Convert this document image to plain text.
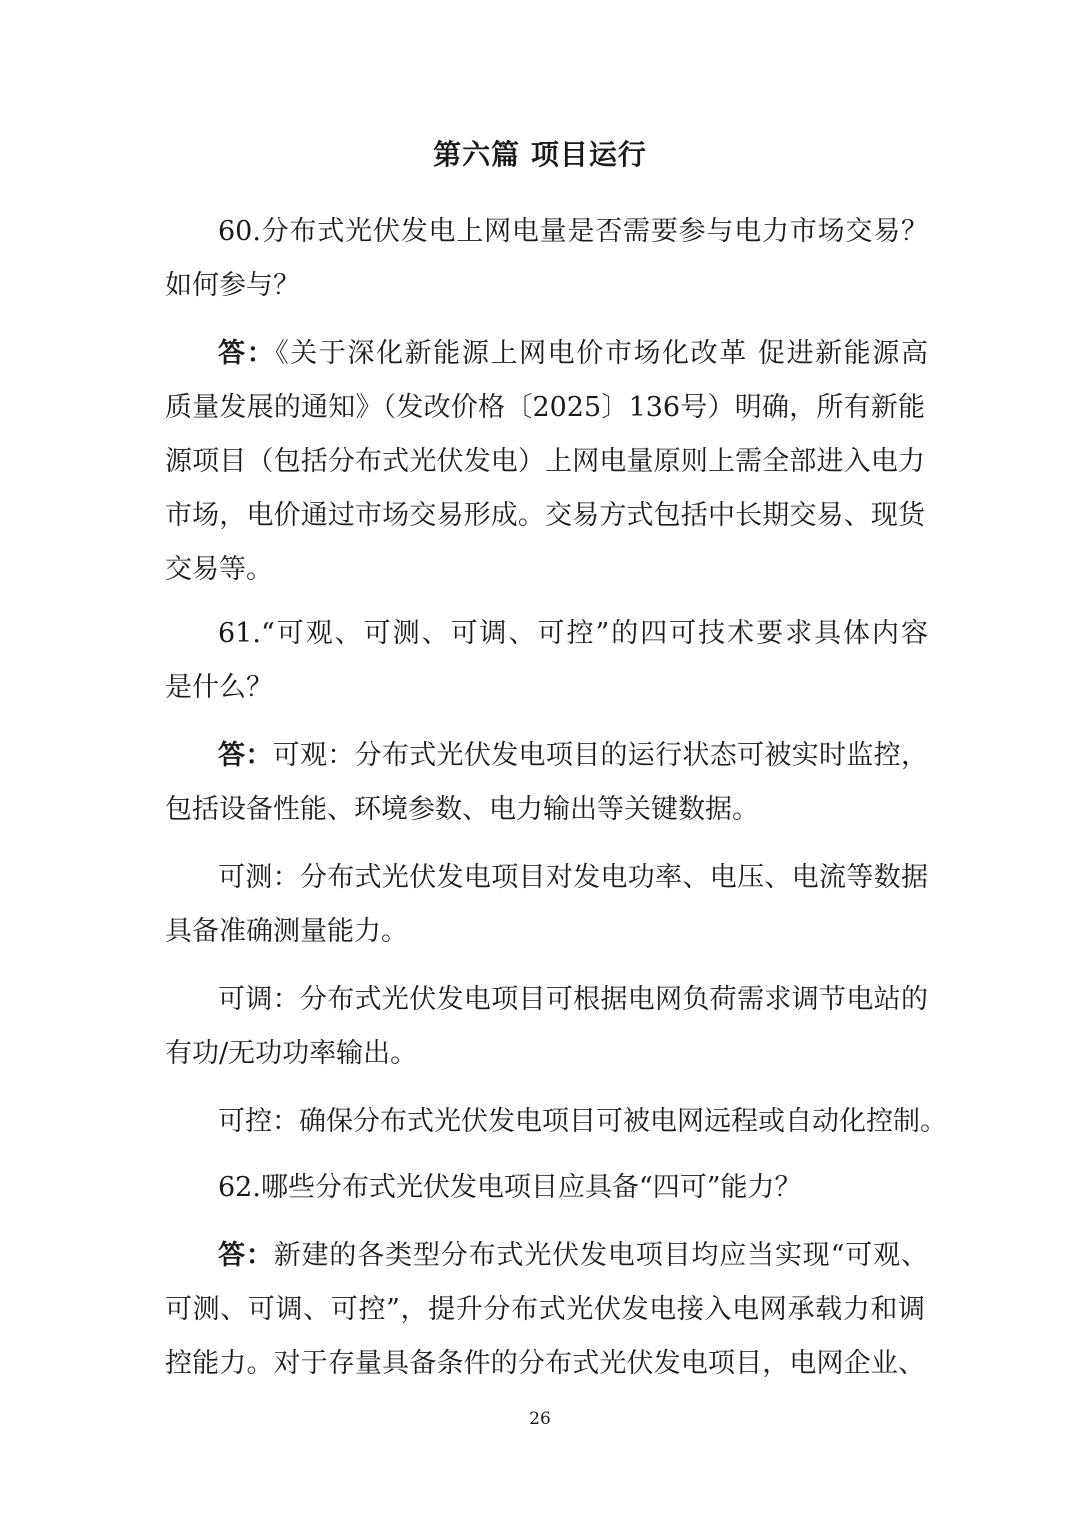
第六篇 项目运行
60.分布式光伏发电上网电量是否需要参与电力市场交易？
如何参与？
答：《关于深化新能源上网电价市场化改革 促进新能源高
质量发展的通知》（发改价格〔2025〕136号）明确，所有新能
源项目（包括分布式光伏发电）上网电量原则上需全部进入电力
市场，电价通过市场交易形成。交易方式包括中长期交易、现货
交易等。
61.“可观、可测、可调、可控”的四可技术要求具体内容
是什么？
答：可观：分布式光伏发电项目的运行状态可被实时监控，
包括设备性能、环境参数、电力输出等关键数据。
可测：分布式光伏发电项目对发电功率、电压、电流等数据
具备准确测量能力。
可调：分布式光伏发电项目可根据电网负荷需求调节电站的
有功/无功功率输出。
可控：确保分布式光伏发电项目可被电网远程或自动化控制。
62.哪些分布式光伏发电项目应具备“四可”能力？
答：新建的各类型分布式光伏发电项目均应当实现“可观、
可测、可调、可控”，提升分布式光伏发电接入电网承载力和调
控能力。对于存量具备条件的分布式光伏发电项目，电网企业、
26
